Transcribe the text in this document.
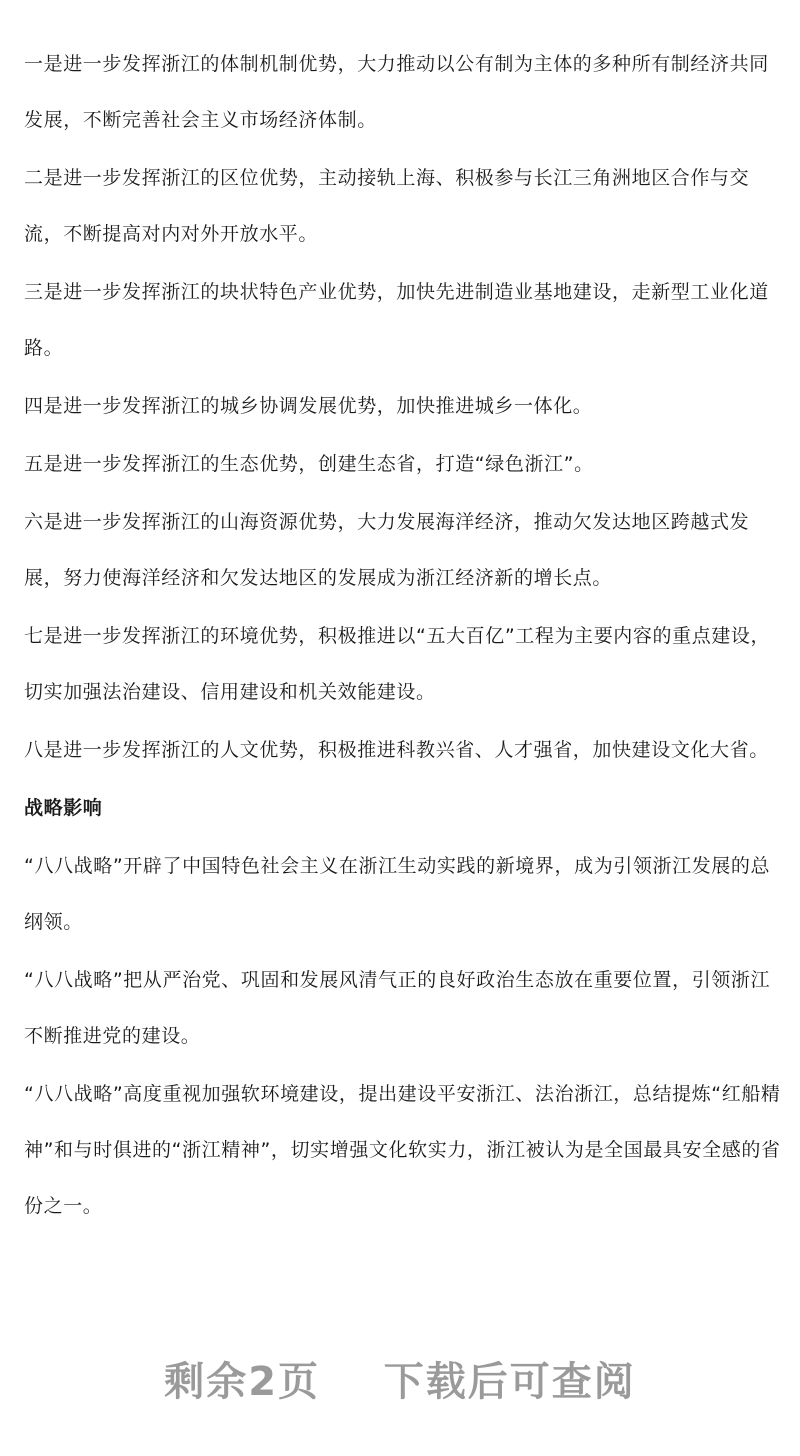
一是进一步发挥浙江的体制机制优势，大力推动以公有制为主体的多种所有制经济共同发展，不断完善社会主义市场经济体制。

二是进一步发挥浙江的区位优势，主动接轨上海、积极参与长江三角洲地区合作与交流，不断提高对内对外开放水平。

三是进一步发挥浙江的块状特色产业优势，加快先进制造业基地建设，走新型工业化道路。

四是进一步发挥浙江的城乡协调发展优势，加快推进城乡一体化。

五是进一步发挥浙江的生态优势，创建生态省，打造“绿色浙江”。

六是进一步发挥浙江的山海资源优势，大力发展海洋经济，推动欠发达地区跨越式发展，努力使海洋经济和欠发达地区的发展成为浙江经济新的增长点。

七是进一步发挥浙江的环境优势，积极推进以“五大百亿”工程为主要内容的重点建设，切实加强法治建设、信用建设和机关效能建设。

八是进一步发挥浙江的人文优势，积极推进科教兴省、人才强省，加快建设文化大省。

战略影响

“八八战略”开辟了中国特色社会主义在浙江生动实践的新境界，成为引领浙江发展的总纲领。

“八八战略”把从严治党、巩固和发展风清气正的良好政治生态放在重要位置，引领浙江不断推进党的建设。

“八八战略”高度重视加强软环境建设，提出建设平安浙江、法治浙江，总结提炼“红船精神”和与时俱进的“浙江精神”，切实增强文化软实力，浙江被认为是全国最具安全感的省份之一。

剩余2页 下载后可查阅
